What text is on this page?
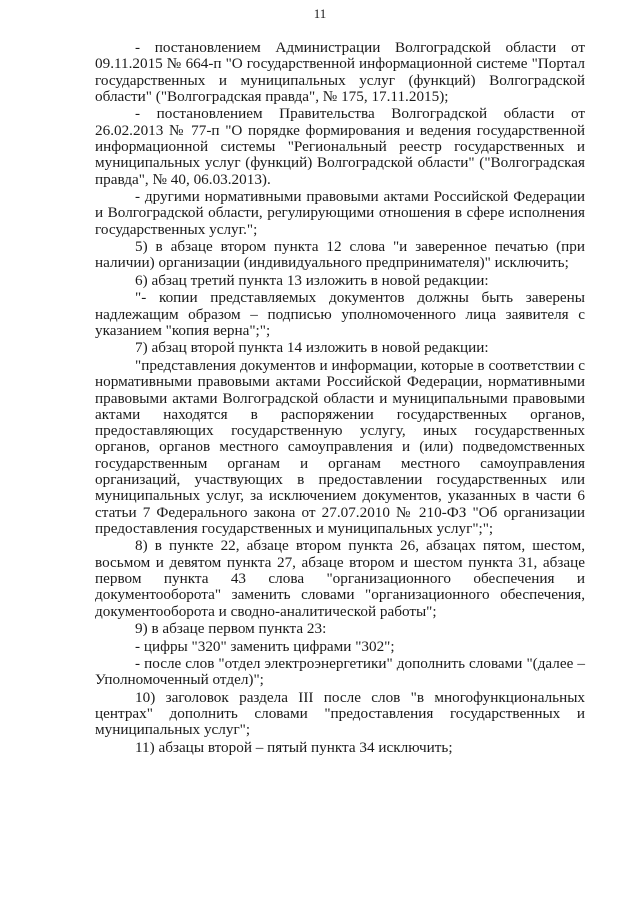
11

- постановлением Администрации Волгоградской области от 09.11.2015 № 664-п "О государственной информационной системе "Портал государственных и муниципальных услуг (функций) Волгоградской области" ("Волгоградская правда", № 175, 17.11.2015);

- постановлением Правительства Волгоградской области от 26.02.2013 № 77-п "О порядке формирования и ведения государственной информационной системы "Региональный реестр государственных и муниципальных услуг (функций) Волгоградской области" ("Волгоградская правда", № 40, 06.03.2013).

- другими нормативными правовыми актами Российской Федерации и Волгоградской области, регулирующими отношения в сфере исполнения государственных услуг.";

5) в абзаце втором пункта 12 слова "и заверенное печатью (при наличии) организации (индивидуального предпринимателя)" исключить;

6) абзац третий пункта 13 изложить в новой редакции:

"- копии представляемых документов должны быть заверены надлежащим образом – подписью уполномоченного лица заявителя с указанием "копия верна";";

7) абзац второй пункта 14 изложить в новой редакции:

"представления документов и информации, которые в соответствии с нормативными правовыми актами Российской Федерации, нормативными правовыми актами Волгоградской области и муниципальными правовыми актами находятся в распоряжении государственных органов, предоставляющих государственную услугу, иных государственных органов, органов местного самоуправления и (или) подведомственных государственным органам и органам местного самоуправления организаций, участвующих в предоставлении государственных или муниципальных услуг, за исключением документов, указанных в части 6 статьи 7 Федерального закона от 27.07.2010 № 210-ФЗ "Об организации предоставления государственных и муниципальных услуг";";

8) в пункте 22, абзаце втором пункта 26, абзацах пятом, шестом, восьмом и девятом пункта 27, абзаце втором и шестом пункта 31, абзаце первом пункта 43 слова "организационного обеспечения и документооборота" заменить словами "организационного обеспечения, документооборота и сводно-аналитической работы";

9) в абзаце первом пункта 23:

- цифры "320" заменить цифрами "302";

- после слов "отдел электроэнергетики" дополнить словами "(далее – Уполномоченный отдел)";

10) заголовок раздела III после слов "в многофункциональных центрах" дополнить словами "предоставления государственных и муниципальных услуг";

11) абзацы второй – пятый пункта 34 исключить;
